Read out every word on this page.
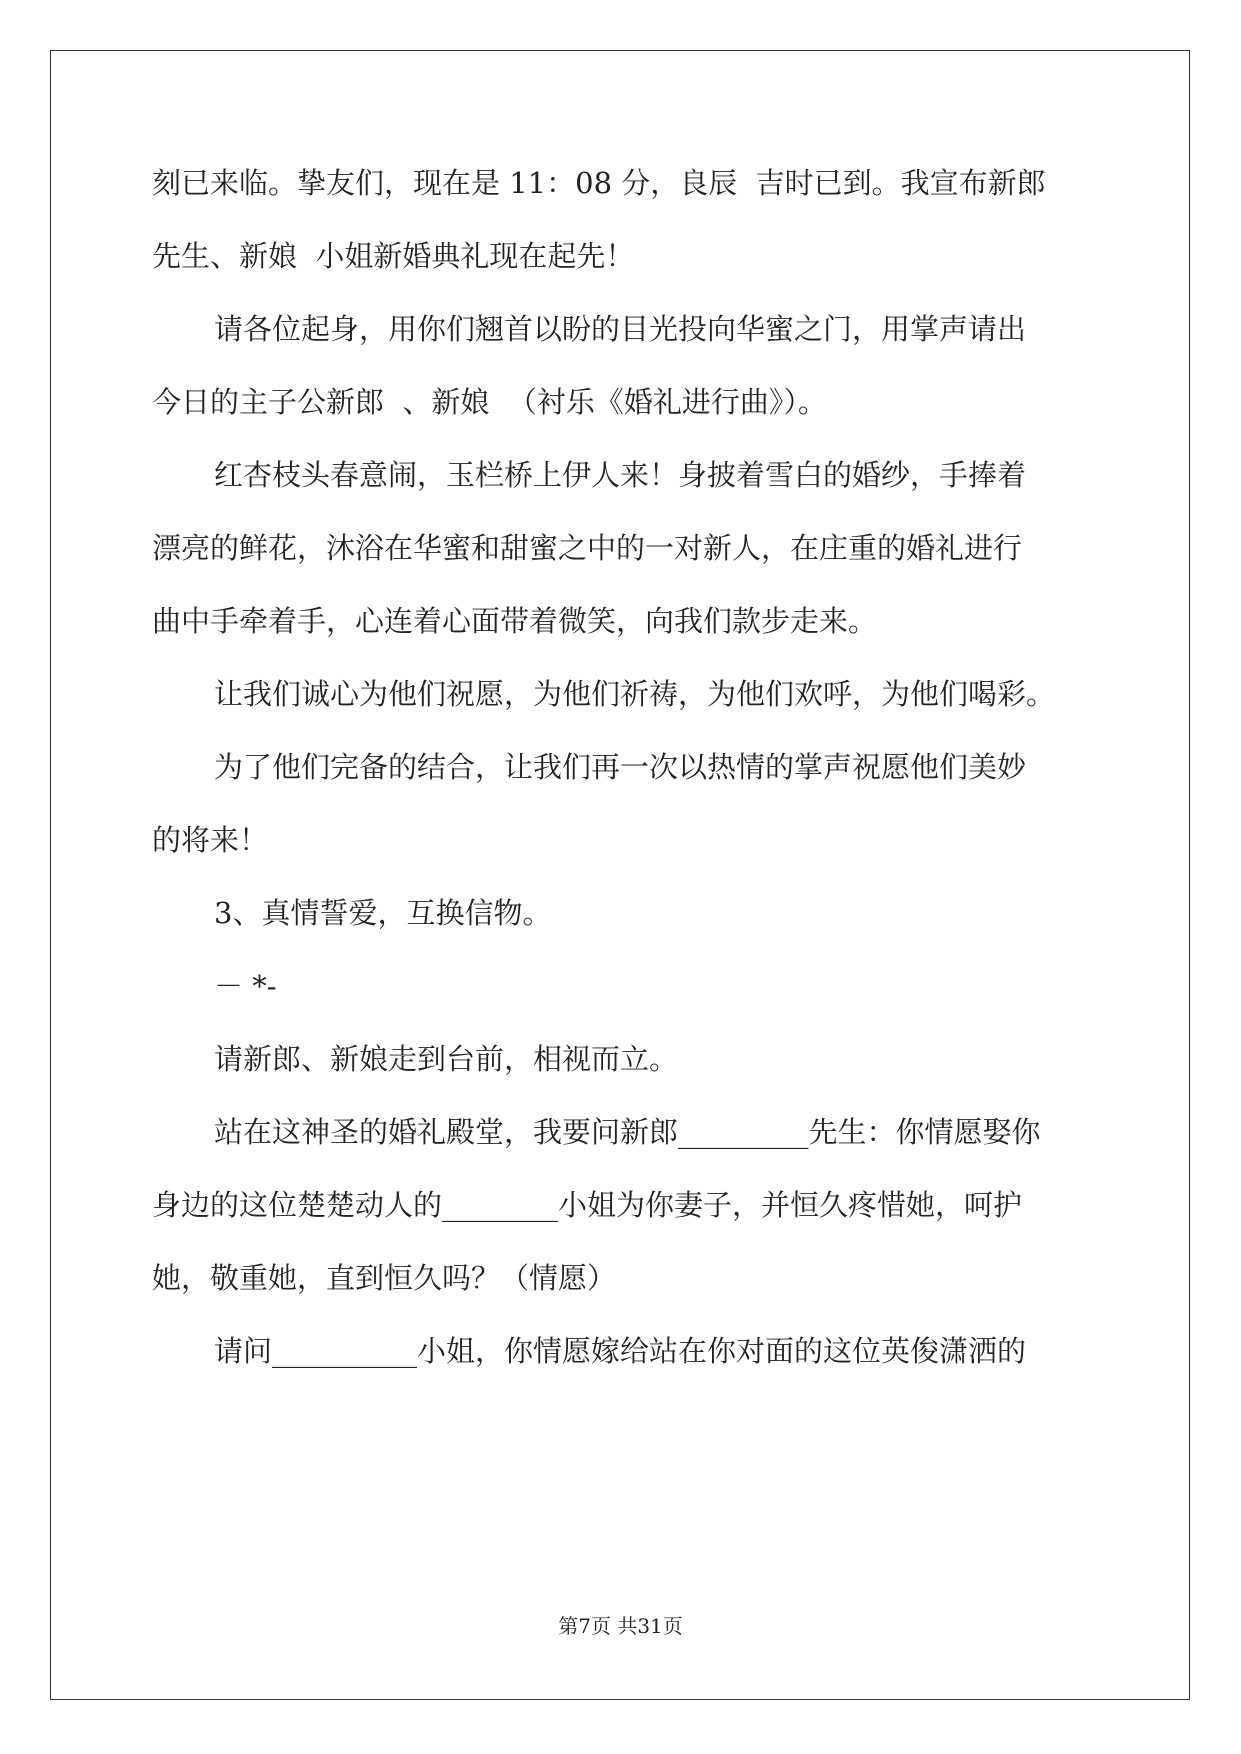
刻已来临。挚友们，现在是 11：08 分，良辰  吉时已到。我宣布新郎
先生、新娘  小姐新婚典礼现在起先！
请各位起身，用你们翘首以盼的目光投向华蜜之门，用掌声请出
今日的主子公新郎  、新娘  （衬乐《婚礼进行曲》）。
红杏枝头春意闹，玉栏桥上伊人来！身披着雪白的婚纱，手捧着
漂亮的鲜花，沐浴在华蜜和甜蜜之中的一对新人，在庄重的婚礼进行
曲中手牵着手，心连着心面带着微笑，向我们款步走来。
让我们诚心为他们祝愿，为他们祈祷，为他们欢呼，为他们喝彩。
为了他们完备的结合，让我们再一次以热情的掌声祝愿他们美妙
的将来！
3、真情誓爱，互换信物。
－ *-
请新郎、新娘走到台前，相视而立。
站在这神圣的婚礼殿堂，我要问新郎_________先生：你情愿娶你
身边的这位楚楚动人的________小姐为你妻子，并恒久疼惜她，呵护
她，敬重她，直到恒久吗？（情愿）
请问__________小姐，你情愿嫁给站在你对面的这位英俊潇洒的
第7页 共31页
